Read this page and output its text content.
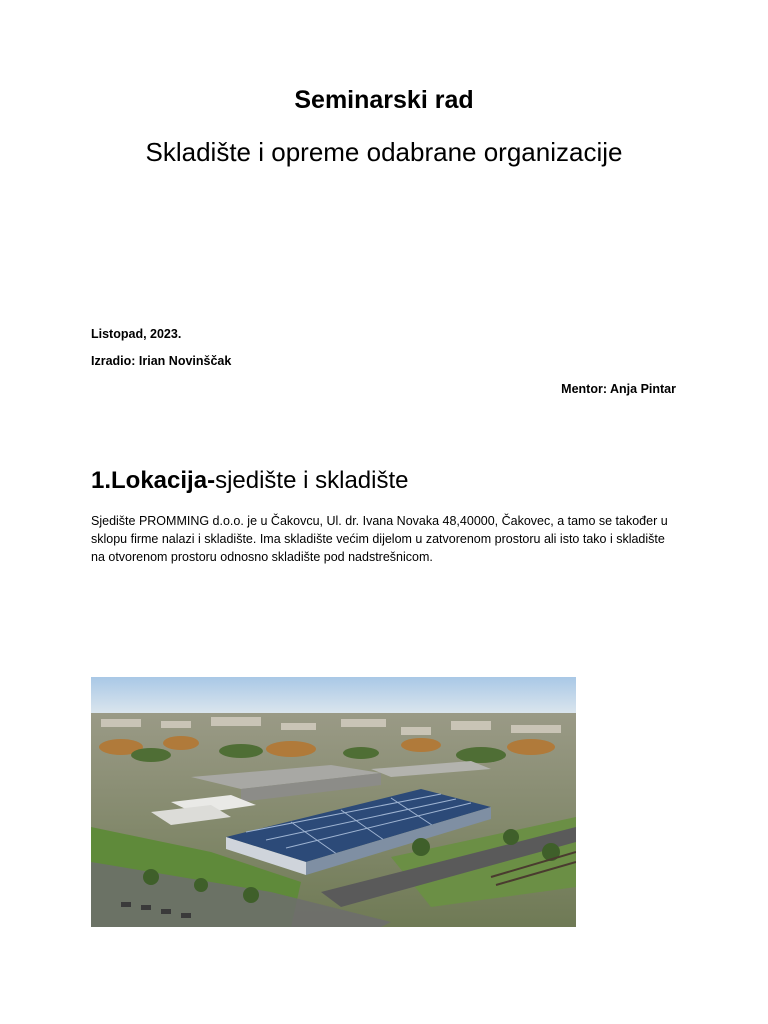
Seminarski rad
Skladište i opreme odabrane organizacije

Listopad, 2023.

Izradio: Irian Novinščak

Mentor: Anja Pintar

1.Lokacija-sjedište i skladište

Sjedište PROMMING d.o.o. je u Čakovcu, Ul. dr. Ivana Novaka 48,40000, Čakovec, a tamo se također u sklopu firme nalazi i skladište. Ima skladište većim dijelom u zatvorenom prostoru ali isto tako i skladište na otvorenom prostoru odnosno skladište pod nadstrešnicom.
